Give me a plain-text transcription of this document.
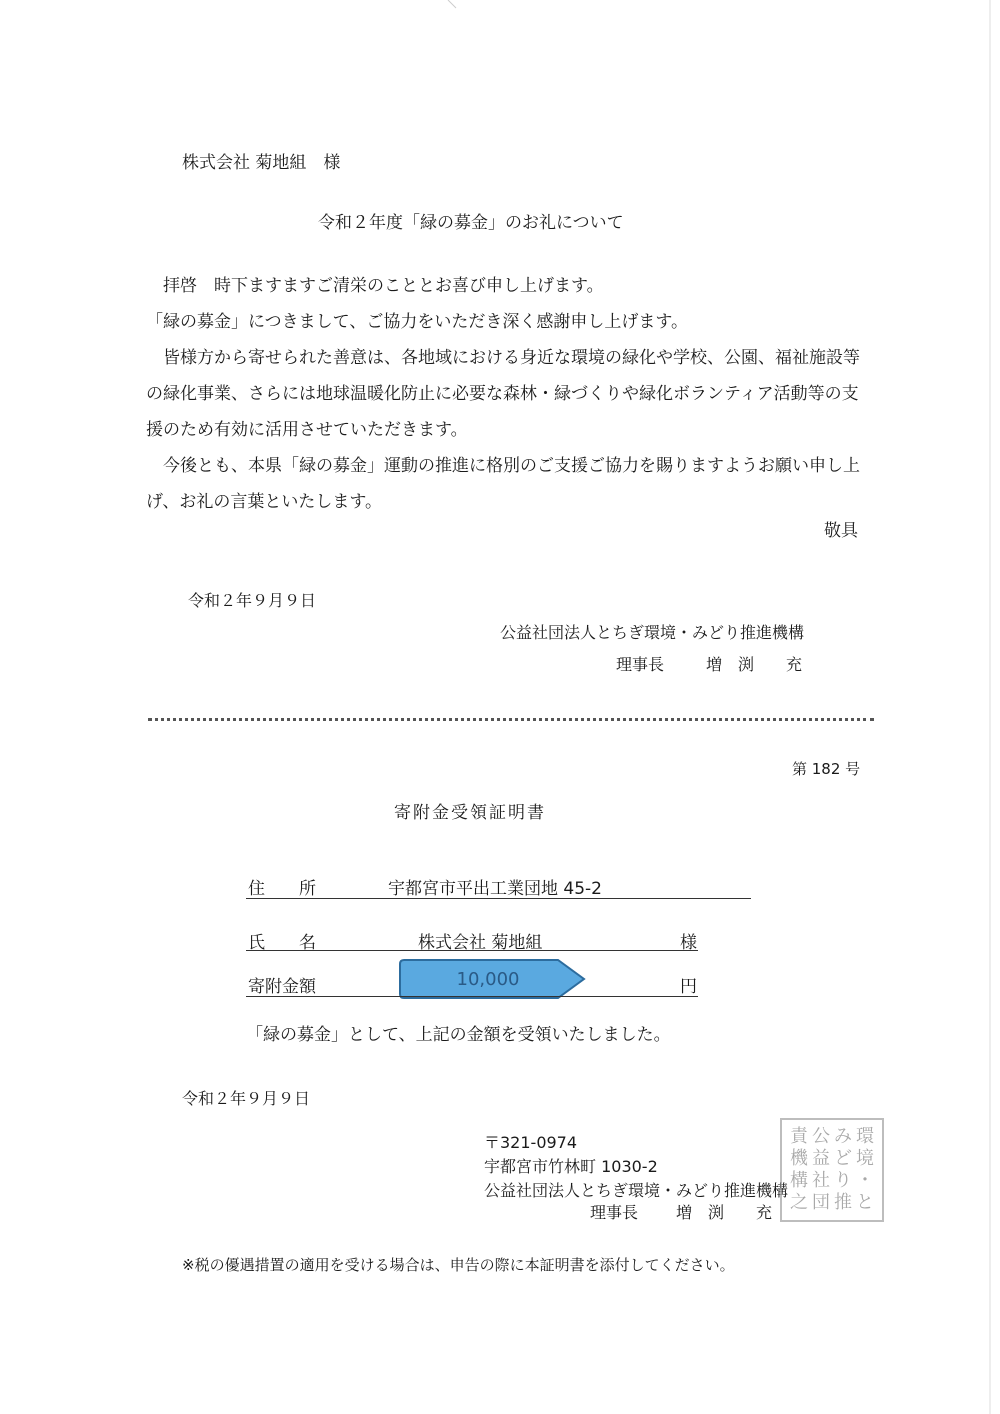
株式会社 菊地組　様
令和２年度「緑の募金」のお礼について
拝啓　時下ますますご清栄のこととお喜び申し上げます。
「緑の募金」につきまして、ご協力をいただき深く感謝申し上げます。
皆様方から寄せられた善意は、各地域における身近な環境の緑化や学校、公園、福祉施設等の緑化事業、さらには地球温暖化防止に必要な森林・緑づくりや緑化ボランティア活動等の支援のため有効に活用させていただきます。
今後とも、本県「緑の募金」運動の推進に格別のご支援ご協力を賜りますようお願い申し上げ、お礼の言葉といたします。
敬具
令和２年９月９日
公益社団法人とちぎ環境・みどり推進機構
理事長	増　渕　　充
第 182 号
寄附金受領証明書
住　　所	宇都宮市平出工業団地 45-2
氏　　名	株式会社 菊地組	様
寄附金額	10,000	円
「緑の募金」として、上記の金額を受領いたしました。
令和２年９月９日
〒321-0974
宇都宮市竹林町 1030-2
公益社団法人とちぎ環境・みどり推進機構
理事長 増　渕　　充
責 公 み 環
機 益 ど 境
構 社 り ・
之 団 推 と
※税の優遇措置の適用を受ける場合は、申告の際に本証明書を添付してください。
